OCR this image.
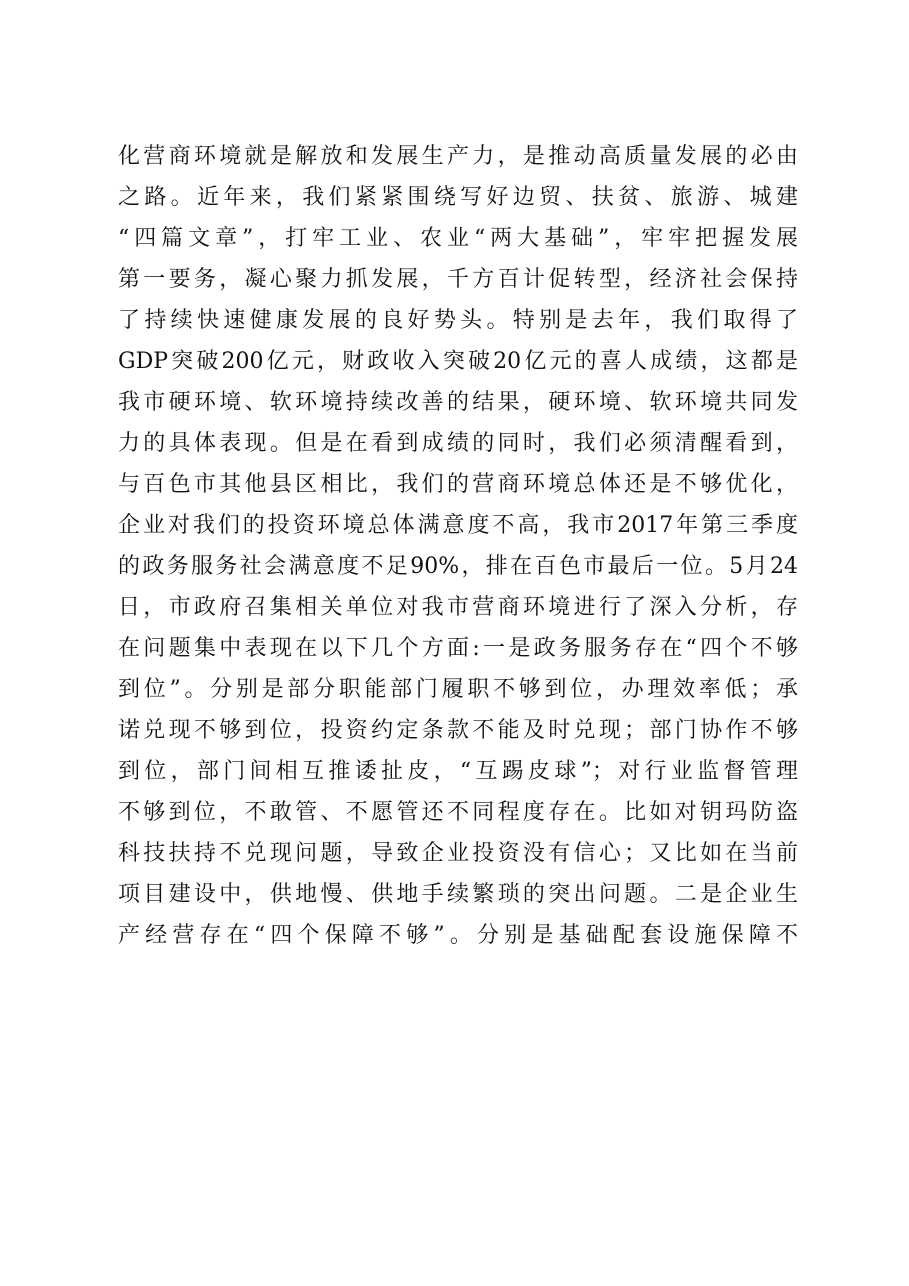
化营商环境就是解放和发展生产力，是推动高质量发展的必由
之路。近年来，我们紧紧围绕写好边贸、扶贫、旅游、城建
“四篇文章”，打牢工业、农业“两大基础”，牢牢把握发展
第一要务，凝心聚力抓发展，千方百计促转型，经济社会保持
了持续快速健康发展的良好势头。特别是去年，我们取得了
GDP突破200亿元，财政收入突破20亿元的喜人成绩，这都是
我市硬环境、软环境持续改善的结果，硬环境、软环境共同发
力的具体表现。但是在看到成绩的同时，我们必须清醒看到，
与百色市其他县区相比，我们的营商环境总体还是不够优化，
企业对我们的投资环境总体满意度不高，我市2017年第三季度
的政务服务社会满意度不足90%，排在百色市最后一位。5月24
日，市政府召集相关单位对我市营商环境进行了深入分析，存
在问题集中表现在以下几个方面:一是政务服务存在“四个不够
到位”。分别是部分职能部门履职不够到位，办理效率低；承
诺兑现不够到位，投资约定条款不能及时兑现；部门协作不够
到位，部门间相互推诿扯皮，“互踢皮球”；对行业监督管理
不够到位，不敢管、不愿管还不同程度存在。比如对钥玛防盗
科技扶持不兑现问题，导致企业投资没有信心；又比如在当前
项目建设中，供地慢、供地手续繁琐的突出问题。二是企业生
产经营存在“四个保障不够”。分别是基础配套设施保障不
